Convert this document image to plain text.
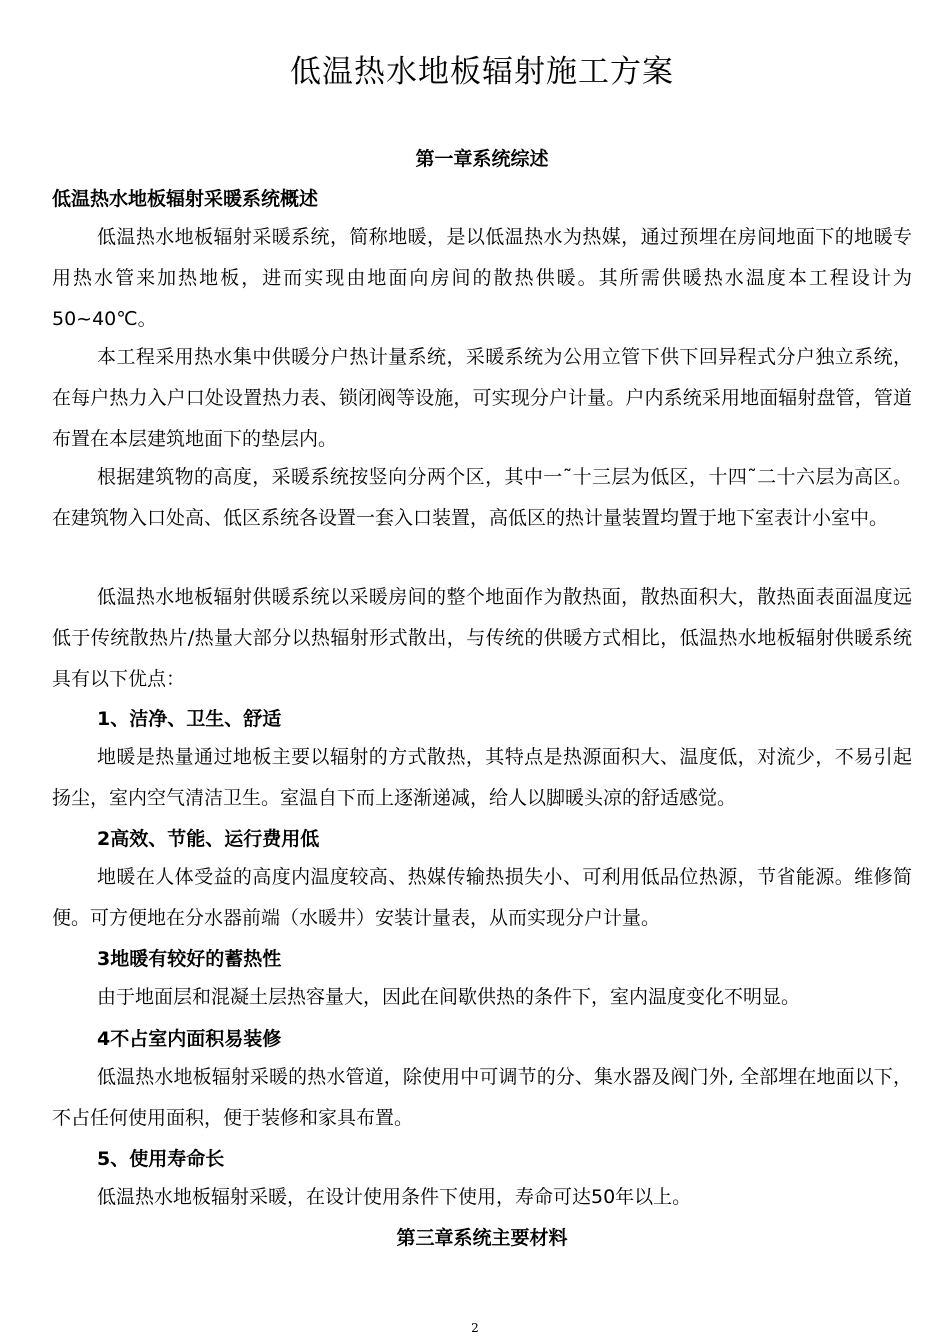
低温热水地板辐射施工方案
第一章系统综述
低温热水地板辐射采暖系统概述

低温热水地板辐射采暖系统，简称地暖，是以低温热水为热媒，通过预埋在房间地面下的地暖专用热水管来加热地板，进而实现由地面向房间的散热供暖。其所需供暖热水温度本工程设计为50~40℃。

本工程采用热水集中供暖分户热计量系统，采暖系统为公用立管下供下回异程式分户独立系统，在每户热力入户口处设置热力表、锁闭阀等设施，可实现分户计量。户内系统采用地面辐射盘管，管道布置在本层建筑地面下的垫层内。

根据建筑物的高度，采暖系统按竖向分两个区，其中一˜十三层为低区，十四˜二十六层为高区。在建筑物入口处高、低区系统各设置一套入口装置，高低区的热计量装置均置于地下室表计小室中。

低温热水地板辐射供暖系统以采暖房间的整个地面作为散热面，散热面积大，散热面表面温度远低于传统散热片/热量大部分以热辐射形式散出，与传统的供暖方式相比，低温热水地板辐射供暖系统具有以下优点：

1、洁净、卫生、舒适

地暖是热量通过地板主要以辐射的方式散热，其特点是热源面积大、温度低，对流少，不易引起扬尘，室内空气清洁卫生。室温自下而上逐渐递减，给人以脚暖头凉的舒适感觉。

2高效、节能、运行费用低

地暖在人体受益的高度内温度较高、热媒传输热损失小、可利用低品位热源，节省能源。维修简便。可方便地在分水器前端（水暖井）安装计量表，从而实现分户计量。

3地暖有较好的蓄热性

由于地面层和混凝土层热容量大，因此在间歇供热的条件下，室内温度变化不明显。

4不占室内面积易装修

低温热水地板辐射采暖的热水管道，除使用中可调节的分、集水器及阀门外, 全部埋在地面以下，不占任何使用面积，便于装修和家具布置。

5、使用寿命长

低温热水地板辐射采暖，在设计使用条件下使用，寿命可达50年以上。

第三章系统主要材料
2
